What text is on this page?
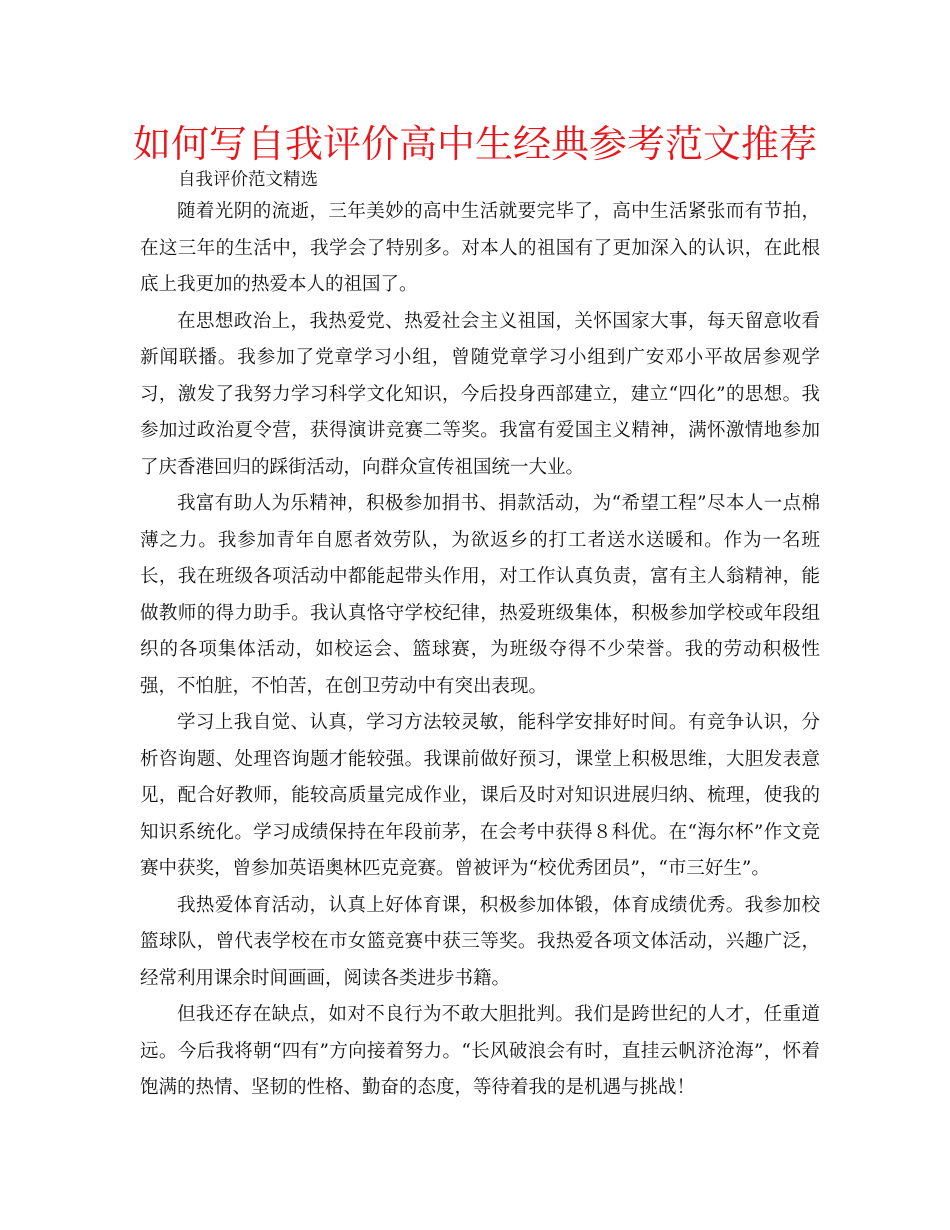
如何写自我评价高中生经典参考范文推荐
自我评价范文精选

随着光阴的流逝，三年美妙的高中生活就要完毕了，高中生活紧张而有节拍，在这三年的生活中，我学会了特别多。对本人的祖国有了更加深入的认识，在此根底上我更加的热爱本人的祖国了。

在思想政治上，我热爱党、热爱社会主义祖国，关怀国家大事，每天留意收看新闻联播。我参加了党章学习小组，曾随党章学习小组到广安邓小平故居参观学习，激发了我努力学习科学文化知识，今后投身西部建立，建立“四化”的思想。我参加过政治夏令营，获得演讲竞赛二等奖。我富有爱国主义精神，满怀激情地参加了庆香港回归的踩街活动，向群众宣传祖国统一大业。

我富有助人为乐精神，积极参加捐书、捐款活动，为“希望工程”尽本人一点棉薄之力。我参加青年自愿者效劳队，为欲返乡的打工者送水送暖和。作为一名班长，我在班级各项活动中都能起带头作用，对工作认真负责，富有主人翁精神，能做教师的得力助手。我认真恪守学校纪律，热爱班级集体，积极参加学校或年段组织的各项集体活动，如校运会、篮球赛，为班级夺得不少荣誉。我的劳动积极性强，不怕脏，不怕苦，在创卫劳动中有突出表现。

学习上我自觉、认真，学习方法较灵敏，能科学安排好时间。有竞争认识，分析咨询题、处理咨询题才能较强。我课前做好预习，课堂上积极思维，大胆发表意见，配合好教师，能较高质量完成作业，课后及时对知识进展归纳、梳理，使我的知识系统化。学习成绩保持在年段前茅，在会考中获得８科优。在“海尔杯”作文竞赛中获奖，曾参加英语奥林匹克竞赛。曾被评为“校优秀团员”，“市三好生”。

我热爱体育活动，认真上好体育课，积极参加体锻，体育成绩优秀。我参加校篮球队，曾代表学校在市女篮竞赛中获三等奖。我热爱各项文体活动，兴趣广泛，经常利用课余时间画画，阅读各类进步书籍。

但我还存在缺点，如对不良行为不敢大胆批判。我们是跨世纪的人才，任重道远。今后我将朝“四有”方向接着努力。“长风破浪会有时，直挂云帆济沧海”，怀着饱满的热情、坚韧的性格、勤奋的态度，等待着我的是机遇与挑战！
